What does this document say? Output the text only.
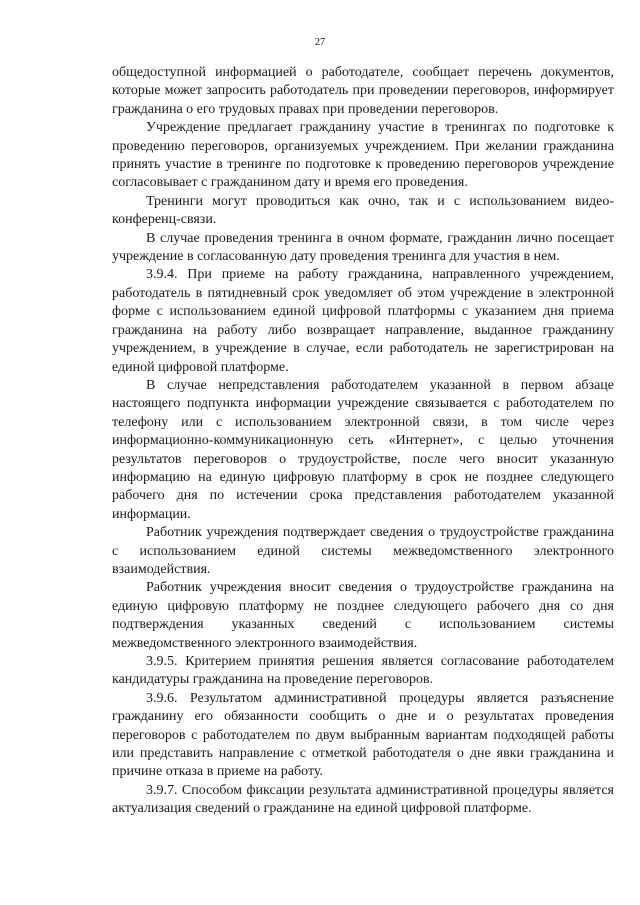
27

общедоступной информацией о работодателе, сообщает перечень документов, которые может запросить работодатель при проведении переговоров, информирует гражданина о его трудовых правах при проведении переговоров.

Учреждение предлагает гражданину участие в тренингах по подготовке к проведению переговоров, организуемых учреждением. При желании гражданина принять участие в тренинге по подготовке к проведению переговоров учреждение согласовывает с гражданином дату и время его проведения.

Тренинги могут проводиться как очно, так и с использованием видео-конференц-связи.

В случае проведения тренинга в очном формате, гражданин лично посещает учреждение в согласованную дату проведения тренинга для участия в нем.

3.9.4. При приеме на работу гражданина, направленного учреждением, работодатель в пятидневный срок уведомляет об этом учреждение в электронной форме с использованием единой цифровой платформы с указанием дня приема гражданина на работу либо возвращает направление, выданное гражданину учреждением, в учреждение в случае, если работодатель не зарегистрирован на единой цифровой платформе.

В случае непредставления работодателем указанной в первом абзаце настоящего подпункта информации учреждение связывается с работодателем по телефону или с использованием электронной связи, в том числе через информационно-коммуникационную сеть «Интернет», с целью уточнения результатов переговоров о трудоустройстве, после чего вносит указанную информацию на единую цифровую платформу в срок не позднее следующего рабочего дня по истечении срока представления работодателем указанной информации.

Работник учреждения подтверждает сведения о трудоустройстве гражданина с использованием единой системы межведомственного электронного взаимодействия.

Работник учреждения вносит сведения о трудоустройстве гражданина на единую цифровую платформу не позднее следующего рабочего дня со дня подтверждения указанных сведений с использованием системы межведомственного электронного взаимодействия.

3.9.5. Критерием принятия решения является согласование работодателем кандидатуры гражданина на проведение переговоров.

3.9.6. Результатом административной процедуры является разъяснение гражданину его обязанности сообщить о дне и о результатах проведения переговоров с работодателем по двум выбранным вариантам подходящей работы или представить направление с отметкой работодателя о дне явки гражданина и причине отказа в приеме на работу.

3.9.7. Способом фиксации результата административной процедуры является актуализация сведений о гражданине на единой цифровой платформе.
